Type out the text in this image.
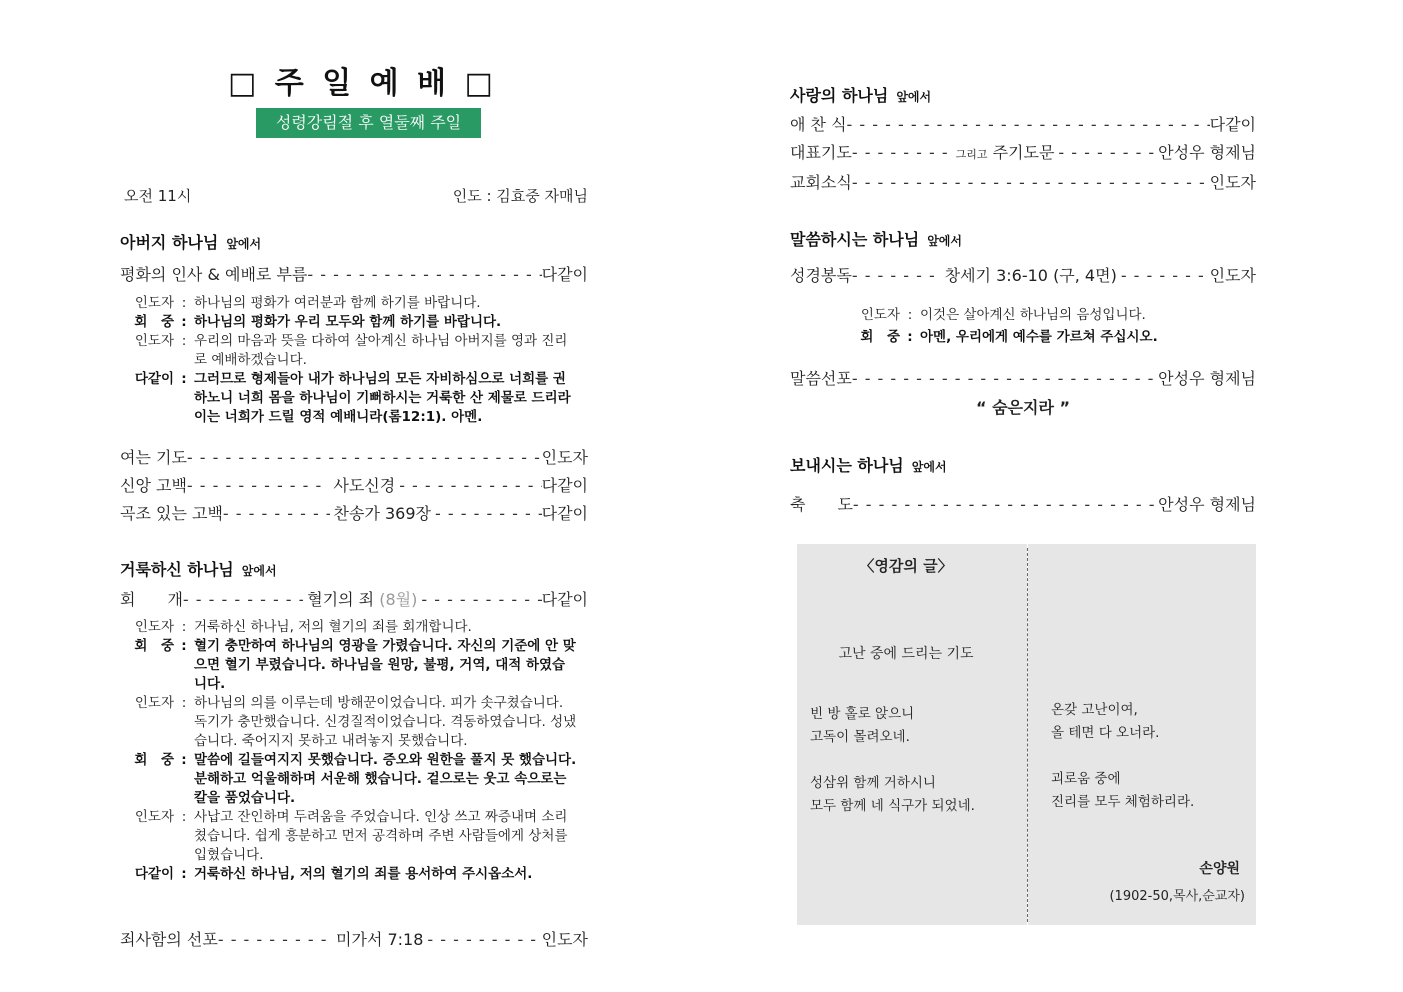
□ 주 일 예 배 □
성령강림절 후 열둘째 주일
오전 11시	인도 : 김효중 자매님
아버지 하나님 앞에서
평화의 인사 & 예배로 부름 - - -	다같이
인도자 : 하나님의 평화가 여러분과 함께 하기를 바랍니다.
회　중 : 하나님의 평화가 우리 모두와 함께 하기를 바랍니다.
인도자 : 우리의 마음과 뜻을 다하여 살아계신 하나님 아버지를 영과 진리로 예배하겠습니다.
다같이 : 그러므로 형제들아 내가 하나님의 모든 자비하심으로 너희를 권하노니 너희 몸을 하나님이 기뻐하시는 거룩한 산 제물로 드리라 이는 너희가 드릴 영적 예배니라(롬12:1). 아멘.
여는 기도 - - -	인도자
신앙 고백 - - -	사도신경 - - -	다같이
곡조 있는 고백 - - -	찬송가 369장 - - -	다같이
거룩하신 하나님 앞에서
회　　개 - - -	혈기의 죄 (8월) - - -	다같이
인도자 : 거룩하신 하나님, 저의 혈기의 죄를 회개합니다.
회　중 : 혈기 충만하여 하나님의 영광을 가렸습니다. 자신의 기준에 안 맞으면 혈기 부렸습니다. 하나님을 원망, 불평, 거역, 대적 하였습니다.
인도자 : 하나님의 의를 이루는데 방해꾼이었습니다. 피가 솟구쳤습니다. 독기가 충만했습니다. 신경질적이었습니다. 격동하였습니다. 성냈습니다. 죽어지지 못하고 내려놓지 못했습니다.
회　중 : 말씀에 길들여지지 못했습니다. 증오와 원한을 풀지 못 했습니다. 분해하고 억울해하며 서운해 했습니다. 겉으로는 웃고 속으로는 칼을 품었습니다.
인도자 : 사납고 잔인하며 두려움을 주었습니다. 인상 쓰고 짜증내며 소리쳤습니다. 쉽게 흥분하고 먼저 공격하며 주변 사람들에게 상처를 입혔습니다.
다같이 : 거룩하신 하나님, 저의 혈기의 죄를 용서하여 주시옵소서.
죄사함의 선포 - - -	미가서 7:18 - - -	인도자
사랑의 하나님 앞에서
애 찬 식 - - -	다같이
대표기도 - - -	그리고 주기도문 - - -	안성우 형제님
교회소식 - - -	인도자
말씀하시는 하나님 앞에서
성경봉독 - - -	창세기 3:6-10 (구, 4면) - - -	인도자
인도자 : 이것은 살아계신 하나님의 음성입니다.
회　중 : 아멘, 우리에게 예수를 가르쳐 주십시오.
말씀선포 - - -	안성우 형제님
“ 숨은지라 ”
보내시는 하나님 앞에서
축　　도 - - -	안성우 형제님
〈영감의 글〉
고난 중에 드리는 기도
빈 방 홀로 앉으니
고독이 몰려오네.
성삼위 함께 거하시니
모두 함께 네 식구가 되었네.
온갖 고난이여,
올 테면 다 오너라.
괴로움 중에
진리를 모두 체험하리라.
손양원
(1902-50,목사,순교자)
